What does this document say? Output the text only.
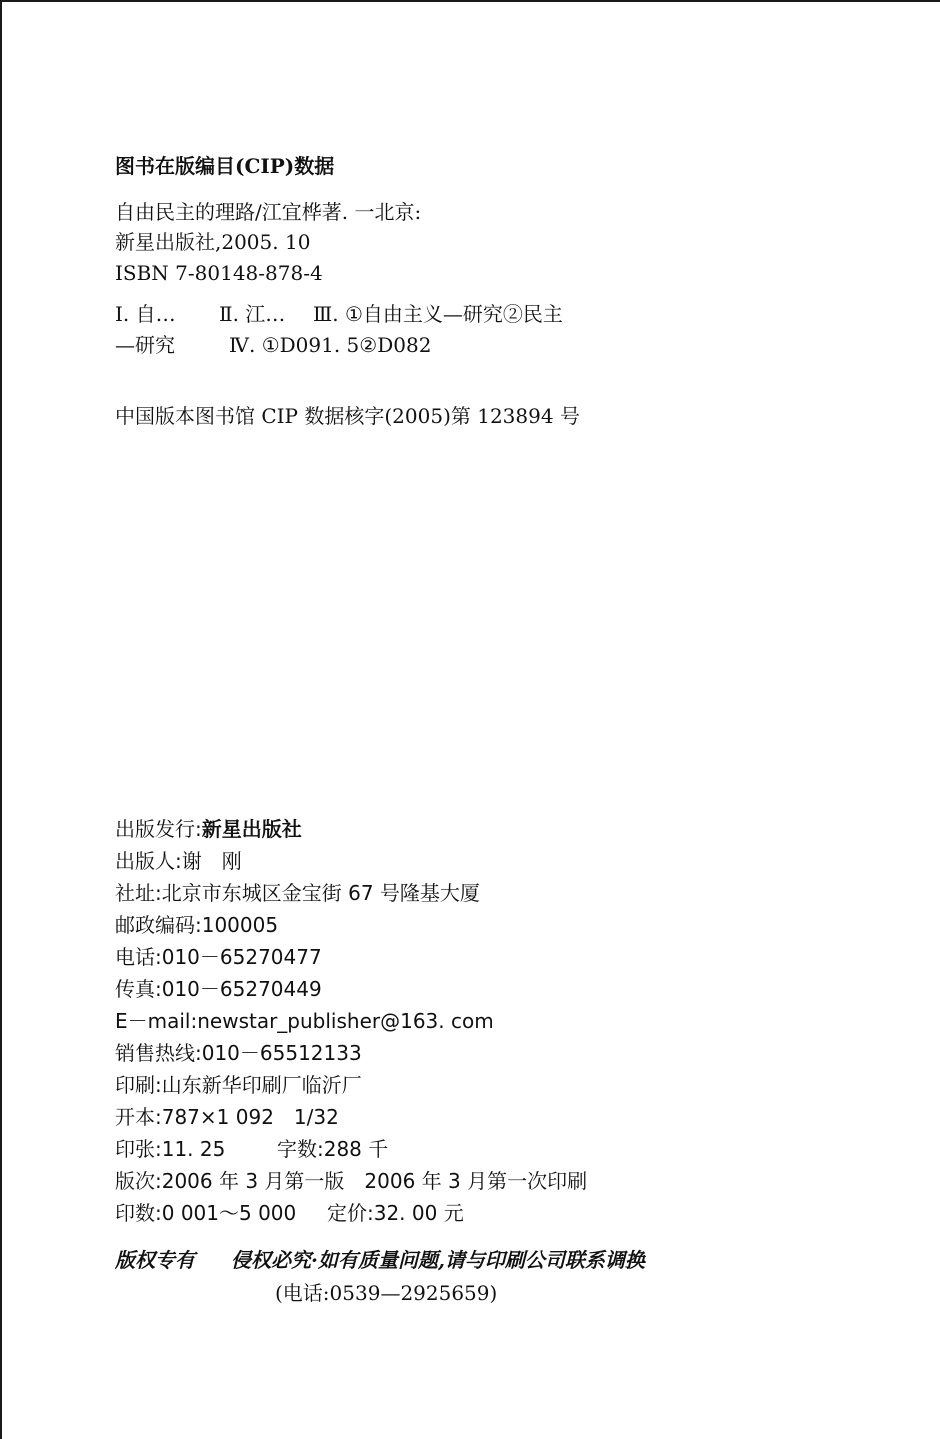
图书在版编目(CIP)数据
自由民主的理路/江宜桦著. 一北京:
新星出版社,2005. 10
ISBN 7-80148-878-4
Ⅰ. 自… Ⅱ. 江… Ⅲ. ①自由主义—研究②民主
—研究	Ⅳ. ①D091. 5②D082
中国版本图书馆 CIP 数据核字(2005)第 123894 号
出版发行:新星出版社
出版人:谢　刚
社址:北京市东城区金宝街 67 号隆基大厦
邮政编码:100005
电话:010－65270477
传真:010－65270449
E－mail:newstar_publisher@163. com
销售热线:010－65512133
印刷:山东新华印刷厂临沂厂
开本:787×1 092　1/32
印张:11. 25	字数:288 千
版次:2006 年 3 月第一版　2006 年 3 月第一次印刷
印数:0 001～5 000 定价:32. 00 元
版权专有 侵权必究·如有质量问题,请与印刷公司联系调换
(电话:0539—2925659)
